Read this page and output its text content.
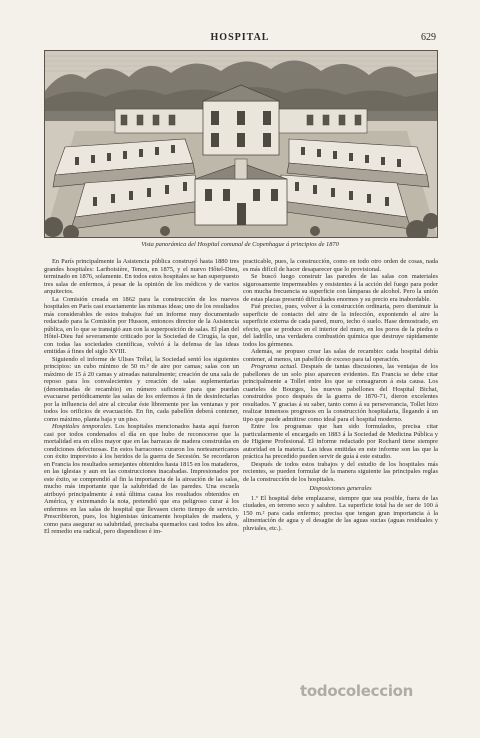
HOSPITAL	629
Vista panorámica del Hospital comunal de Copenhague á principios de 1870

En París principalmente la Asistencia pública construyó hasta 1880 tres grandes hospitales: Lariboisière, Tenon, en 1875, y el nuevo Hôtel-Dieu, terminado en 1876, solamente. En todos estos hospitales se han superpuesto tres salas de enfermos, á pesar de la opinión de los médicos y de varios arquitectos.

La Comisión creada en 1862 para la construcción de los nuevos hospitales en París casi exactamente las mismas ideas; uno de los resultados más considerables de estos trabajos fué un informe muy documentado redactado para la Comisión por Husson, entonces director de la Asistencia pública, en lo que se transigió aun con la superposición de salas. El plan del Hôtel-Dieu fué severamente criticado por la Sociedad de Cirugía, la que, con todas las sociedades científicas, volvió á la defensa de las ideas emitidas á fines del siglo XVIII.

Siguiendo el informe de Ulises Trélat, la Sociedad sentó los siguientes principios: un cubo mínimo de 50 m.³ de aire por camas; salas con un máximo de 15 á 20 camas y aireadas naturalmente; creación de una sala de reposo para los convalecientes y creación de salas suplementarias (denominadas de recambio) en número suficiente para que puedan evacuarse periódicamente las salas de los enfermos á fin de desinfectarlas por la influencia del aire al circular éste libremente por las ventanas y por todos los orificios de evacuación. En fin, cada pabellón deberá contener, como máximo, planta baja y un piso.

Hospitales temporales. Los hospitales mencionados hasta aquí fueron casi por todos condenados el día en que hubo de reconocerse que la mortalidad era en ellos mayor que en las barracas de madera construidas en condiciones defectuosas. En estos barracones curaron los norteamericanos con éxito imprevisto á los heridos de la guerra de Secesión. Se recordaron en Francia los resultados semejantes obtenidos hasta 1815 en los mataderos, en las iglesias y aun en las construcciones inacabadas. Impresionados por este éxito, se comprendió al fin la importancia de la aireación de las salas, mucho más importante que la salubridad de las paredes. Una escuela atribuyó principalmente á está última causa los resultados obtenidos en América, y extremando la nota, pretendió que era peligroso curar á los enfermos en las salas de hospital que llevasen cierto tiempo de servicio. Prescribieron, pues, los higienistas únicamente hospitales de madera, y como para asegurar su salubridad, precisaba quemarlos casi todos los años. El remedio era radical, pero dispendioso é im-

practicable, pues, la construcción, como en todo otro orden de cosas, nada es más difícil de hacer desaparecer que lo provisional.

Se buscó luego construir las paredes de las salas con materiales sigurosamente impermeables y resistentes á la acción del fuego para poder con mucha frecuencia su superficie con lámparas de alcohol. Pero la unión de estas placas presentó dificultades enormes y su precio era inabordable.

Fué preciso, pues, volver á la construcción ordinaria, pero disminuir la superficie de contacto del aire de la infección, exponiendo al aire la superficie externa de cada pared, muro, techo ó suelo. Hase demostrado, en efecto, que se produce en el interior del muro, en los poros de la piedra o del ladrillo, una verdadera combustión química que destruye rápidamente todos los gérmenes.

Además, se propuso crear las salas de recambio: cada hospital debía contener, al menos, un pabellón de exceso para tal operación.

Programa actual. Después de tantas discusiones, las ventajas de los pabellones de un solo piso aparecen evidentes. En Francia se debe citar principalmente a Tollet entre los que se consagraron á esta causa. Los cuarteles de Bourges, los nuevos pabellones del Hospital Bichat, construidos poco después de la guerra de 1870-71, dieron excelentes resultados. Y gracias á su saber, tanto como á su perseverancia, Tollet hizo realizar inmensos progresos en la construcción hospitalaria, llegando á un tipo que puede admitirse como ideal para el hospital moderno.

Entre los programas que han sido formulados, precisa citar particularmente el encargado en 1883 á la Sociedad de Medicina Pública y de Higiene Profesional. El informe redactado por Rochard tiene siempre autoridad en la materia. Las ideas emitidas en este informe son las que la práctica ha precedido pueden servir de guía á este estudio.

Después de todos estos trabajos y del estudio de los hospitales más recientes, se pueden formular de la manera siguiente las principales reglas de la construcción de los hospitales.

Disposiciones generales

1.º El hospital debe emplazarse, siempre que sea posible, fuera de las ciudades, en terreno seco y salubre. La superficie total ha de ser de 100 á 150 m.² para cada enfermo; precisa que tengan gran importancia á la alimentación de agua y el desagüe de las aguas sucias (aguas residuales y pluviales, etc.).

todocoleccion
